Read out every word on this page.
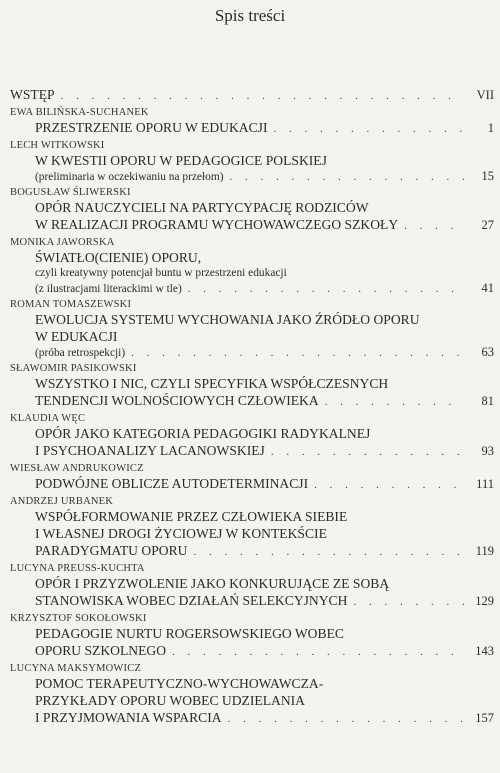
Spis treści
WSTĘP . . .	VII
EWA BILIŃSKA-SUCHANEK
PRZESTRZENIE OPORU W EDUKACJI . . .	1
LECH WITKOWSKI
W KWESTII OPORU W PEDAGOGICE POLSKIEJ
(preliminaria w oczekiwaniu na przełom) . . .	15
BOGUSŁAW ŚLIWERSKI
OPÓR NAUCZYCIELI NA PARTYCYPACJĘ RODZICÓW
W REALIZACJI PROGRAMU WYCHOWAWCZEGO SZKOŁY . . .	27
MONIKA JAWORSKA
ŚWIATŁO(CIENIE) OPORU,
czyli kreatywny potencjał buntu w przestrzeni edukacji
(z ilustracjami literackimi w tle) . . .	41
ROMAN TOMASZEWSKI
EWOLUCJA SYSTEMU WYCHOWANIA JAKO ŹRÓDŁO OPORU
W EDUKACJI
(próba retrospekcji) . . .	63
SŁAWOMIR PASIKOWSKI
WSZYSTKO I NIC, CZYLI SPECYFIKA WSPÓŁCZESNYCH
TENDENCJI WOLNOŚCIOWYCH CZŁOWIEKA . . .	81
KLAUDIA WĘC
OPÓR JAKO KATEGORIA PEDAGOGIKI RADYKALNEJ
I PSYCHOANALIZY LACANOWSKIEJ . . .	93
WIESŁAW ANDRUKOWICZ
PODWÓJNE OBLICZE AUTODETERMINACJI . . .	111
ANDRZEJ URBANEK
WSPÓŁFORMOWANIE PRZEZ CZŁOWIEKA SIEBIE
I WŁASNEJ DROGI ŻYCIOWEJ W KONTEKŚCIE
PARADYGMATU OPORU . . .	119
LUCYNA PREUSS-KUCHTA
OPÓR I PRZYZWOLENIE JAKO KONKURUJĄCE ZE SOBĄ
STANOWISKA WOBEC DZIAŁAŃ SELEKCYJNYCH . . .	129
KRZYSZTOF SOKOŁOWSKI
PEDAGOGIE NURTU ROGERSOWSKIEGO WOBEC
OPORU SZKOLNEGO . . .	143
LUCYNA MAKSYMOWICZ
POMOC TERAPEUTYCZNO-WYCHOWAWCZA-
PRZYKŁADY OPORU WOBEC UDZIELANIA
I PRZYJMOWANIA WSPARCIA . . .	157
